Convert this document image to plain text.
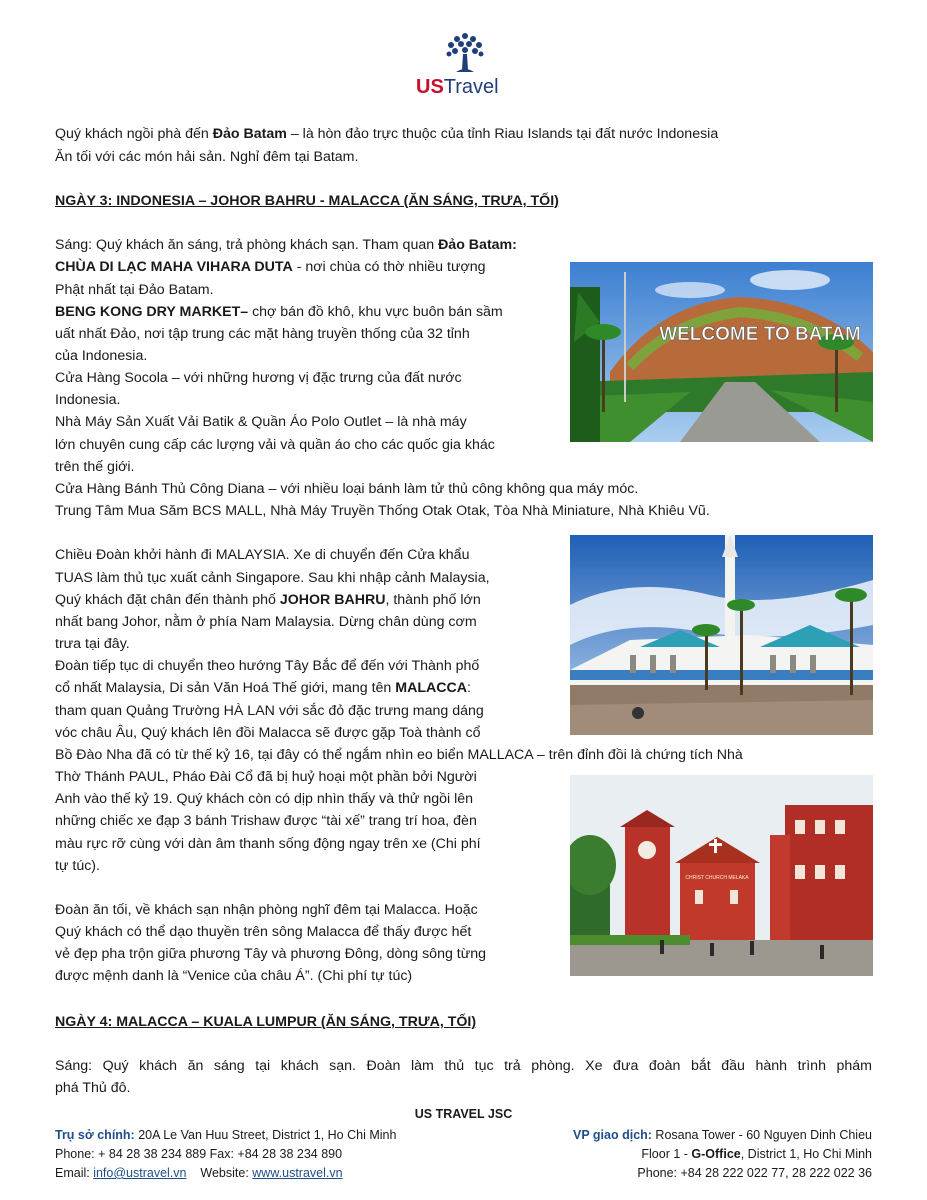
USTravel
Quý khách ngồi phà đến Đảo Batam – là hòn đảo trực thuộc của tỉnh Riau Islands tại đất nước Indonesia
Ăn tối với các món hải sản. Nghỉ đêm tại Batam.
NGÀY 3: INDONESIA – JOHOR BAHRU - MALACCA (ĂN SÁNG, TRƯA, TỐI)
Sáng: Quý khách ăn sáng, trả phòng khách sạn. Tham quan Đảo Batam:
CHÙA DI LẠC MAHA VIHARA DUTA - nơi chùa có thờ nhiều tượng
Phật nhất tại Đảo Batam.
BENG KONG DRY MARKET– chợ bán đồ khô, khu vực buôn bán sầm
uất nhất Đảo, nơi tập trung các mặt hàng truyền thống của 32 tỉnh
của Indonesia.
Cửa Hàng Socola – với những hương vị đặc trưng của đất nước
Indonesia.
Nhà Máy Sản Xuất Vải Batik & Quần Áo Polo Outlet – là nhà máy
lớn chuyên cung cấp các lượng vải và quần áo cho các quốc gia khác
trên thế giới.
Cửa Hàng Bánh Thủ Công Diana – với nhiều loại bánh làm tử thủ công không qua máy móc.
Trung Tâm Mua Săm BCS MALL, Nhà Máy Truyền Thống Otak Otak, Tòa Nhà Miniature, Nhà Khiêu Vũ.
WELCOME TO BATAM
Chiều Đoàn khởi hành đi MALAYSIA. Xe di chuyển đến Cửa khẩu
TUAS làm thủ tục xuất cảnh Singapore. Sau khi nhập cảnh Malaysia,
Quý khách đặt chân đến thành phố JOHOR BAHRU, thành phố lớn
nhất bang Johor, nằm ở phía Nam Malaysia. Dừng chân dùng cơm
trưa tại đây.
Đoàn tiếp tục di chuyển theo hướng Tây Bắc để đến với Thành phố
cổ nhất Malaysia, Di sản Văn Hoá Thế giới, mang tên MALACCA:
tham quan Quảng Trường HÀ LAN với sắc đỏ đặc trưng mang dáng
vóc châu Âu, Quý khách lên đồi Malacca sẽ được gặp Toà thành cổ
Bồ Đào Nha đã có từ thế kỷ 16, tại đây có thể ngắm nhìn eo biển MALLACA – trên đỉnh đồi là chứng tích Nhà
Thờ Thánh PAUL, Pháo Đài Cổ đã bị huỷ hoại một phần bởi Người
Anh vào thế kỷ 19. Quý khách còn có dịp nhìn thấy và thử ngồi lên
những chiếc xe đạp 3 bánh Trishaw được “tài xế” trang trí hoa, đèn
màu rực rỡ cùng với dàn âm thanh sống động ngay trên xe (Chi phí
tự túc).
CHRIST CHURCH MELAKA
Đoàn ăn tối, về khách sạn nhận phòng nghĩ đêm tại Malacca. Hoặc
Quý khách có thể dạo thuyền trên sông Malacca để thấy được hết
vẻ đẹp pha trộn giữa phương Tây và phương Đông, dòng sông từng
được mệnh danh là “Venice của châu Á”. (Chi phí tự túc)
NGÀY 4: MALACCA – KUALA LUMPUR (ĂN SÁNG, TRƯA, TỐI)
Sáng: Quý khách ăn sáng tại khách sạn. Đoàn làm thủ tục trả phòng. Xe đưa đoàn bắt đầu hành trình phám
phá Thủ đô.
US TRAVEL JSC
Trụ sở chính: 20A Le Van Huu Street, District 1, Ho Chi Minh
Phone: + 84 28 38 234 889 Fax: +84 28 38 234 890
Email: info@ustravel.vn    Website: www.ustravel.vn
VP giao dịch: Rosana Tower - 60 Nguyen Dinh Chieu
Floor 1 - G-Office, District 1, Ho Chi Minh
Phone: +84 28 222 022 77, 28 222 022 36
